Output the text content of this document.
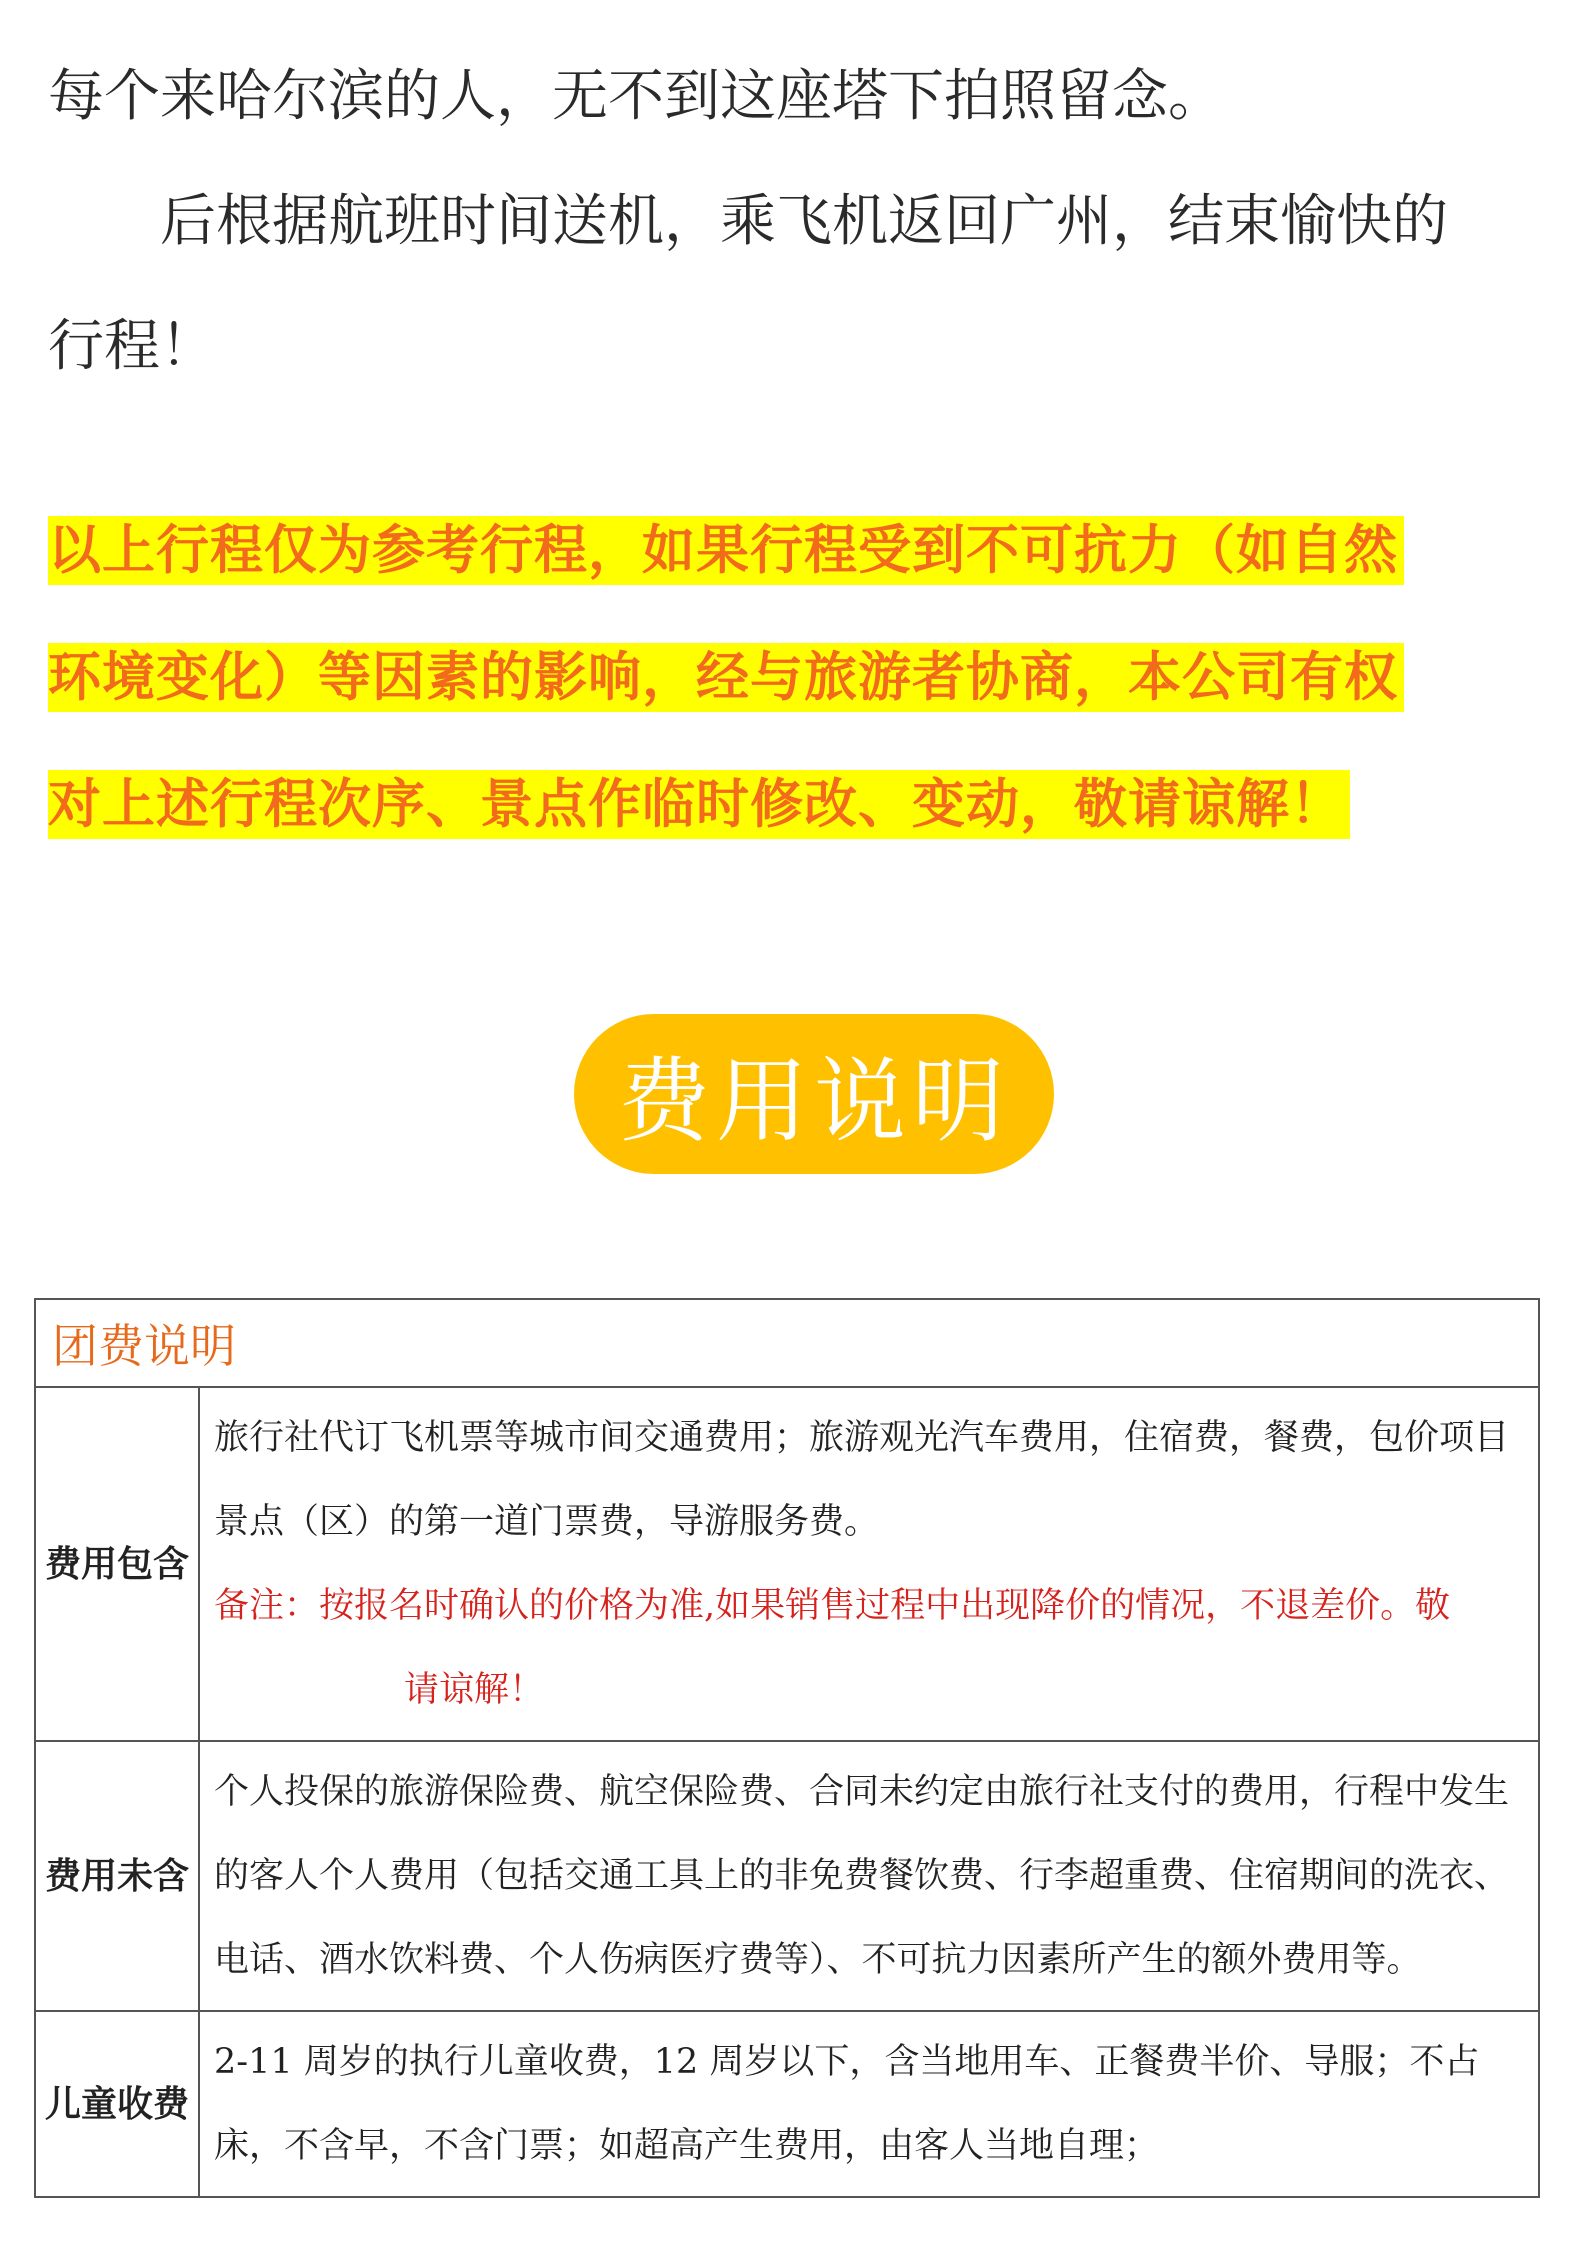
每个来哈尔滨的人，无不到这座塔下拍照留念。
后根据航班时间送机，乘飞机返回广州，结束愉快的
行程！
以上行程仅为参考行程，如果行程受到不可抗力（如自然
环境变化）等因素的影响，经与旅游者协商，本公司有权
对上述行程次序、景点作临时修改、变动，敬请谅解！
费用说明
团费说明	
费用包含	旅行社代订飞机票等城市间交通费用；旅游观光汽车费用，住宿费，餐费，包价项目景点（区）的第一道门票费，导游服务费。
备注：按报名时确认的价格为准,如果销售过程中出现降价的情况，不退差价。敬
请谅解！

费用未含	个人投保的旅游保险费、航空保险费、合同未约定由旅行社支付的费用，行程中发生的客人个人费用（包括交通工具上的非免费餐饮费、行李超重费、住宿期间的洗衣、电话、酒水饮料费、个人伤病医疗费等）、不可抗力因素所产生的额外费用等。
儿童收费	2-11 周岁的执行儿童收费，12 周岁以下，含当地用车、正餐费半价、导服；不占床，不含早，不含门票；如超高产生费用，由客人当地自理；
